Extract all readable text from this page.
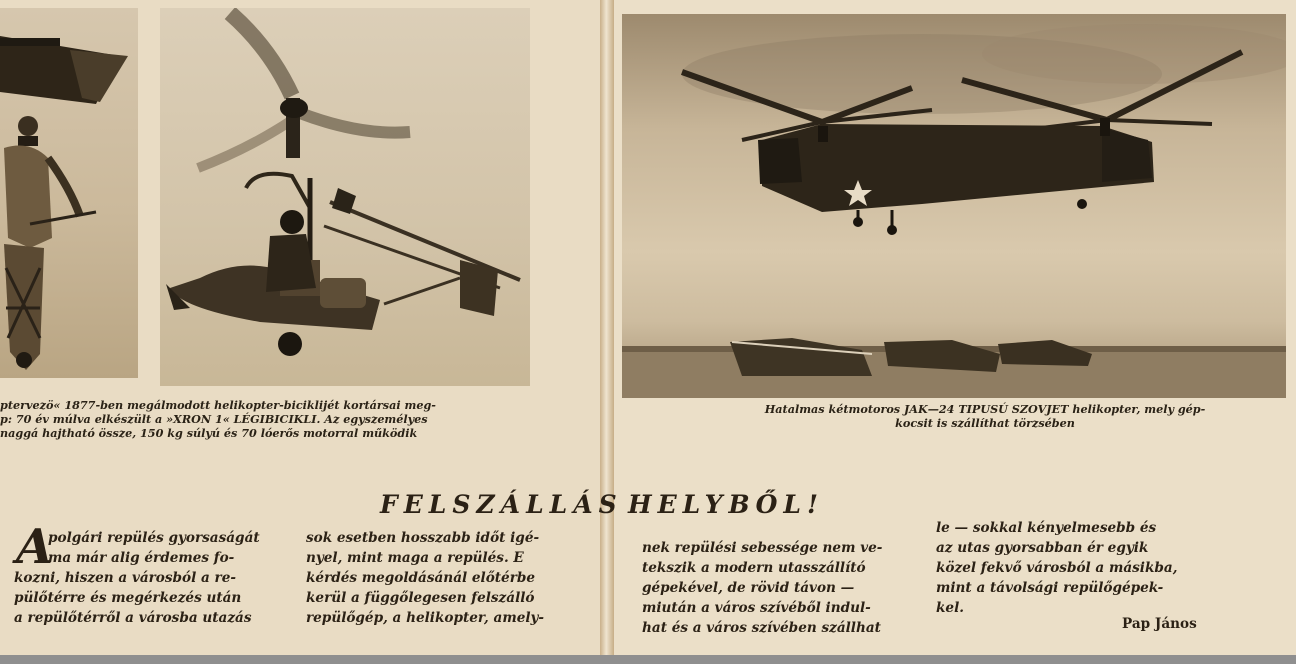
ptervezö« 1877-ben megálmodott helikopter-biciklijét kortársai meg-
p: 70 év múlva elkészült a »XRON 1« LÉGIBICIKLI. Az egyszemélyes
naggá hajtható össze, 150 kg súlyú és 70 lóerős motorral működik
Hatalmas kétmotoros JAK—24 TIPUSÚ SZOVJET helikopter, mely gép-
kocsit is szállíthat törzsében
FELSZÁLLÁS HELYBŐL!
A
polgári repülés gyorsaságát
ma már alig érdemes fo-
kozni, hiszen a városból a re-
pülőtérre és megérkezés után
a repülőtérről a városba utazás
sok esetben hosszabb időt igé-
nyel, mint maga a repülés. E
kérdés megoldásánál előtérbe
kerül a függőlegesen felszálló
repülőgép, a helikopter, amely-
nek repülési sebessége nem ve-
tekszik a modern utasszállító
gépekével, de rövid távon —
miután a város szívéből indul-
hat és a város szívében szállhat
le — sokkal kényelmesebb és
az utas gyorsabban ér egyik
közel fekvő városból a másikba,
mint a távolsági repülőgépek-
kel.
Pap János
